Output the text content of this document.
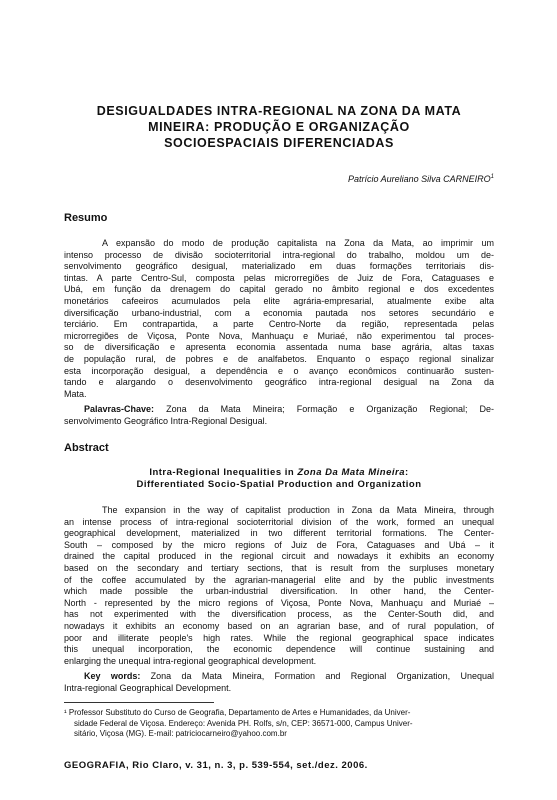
DESIGUALDADES INTRA-REGIONAL NA ZONA DA MATA
MINEIRA: PRODUÇÃO E ORGANIZAÇÃO
SOCIOESPACIAIS DIFERENCIADAS
Patrício Aureliano Silva CARNEIRO$^1$
Resumo
A expansão do modo de produção capitalista na Zona da Mata, ao imprimir um
intenso processo de divisão socioterritorial intra-regional do trabalho, moldou um de-
senvolvimento geográfico desigual, materializado em duas formações territoriais dis-
tintas. A parte Centro-Sul, composta pelas microrregiões de Juiz de Fora, Cataguases e
Ubá, em função da drenagem do capital gerado no âmbito regional e dos excedentes
monetários cafeeiros acumulados pela elite agrária-empresarial, atualmente exibe alta
diversificação urbano-industrial, com a economia pautada nos setores secundário e
terciário. Em contrapartida, a parte Centro-Norte da região, representada pelas
microrregiões de Viçosa, Ponte Nova, Manhuaçu e Muriaé, não experimentou tal proces-
so de diversificação e apresenta economia assentada numa base agrária, altas taxas
de população rural, de pobres e de analfabetos. Enquanto o espaço regional sinalizar
esta incorporação desigual, a dependência e o avanço econômicos continuarão susten-
tando e alargando o desenvolvimento geográfico intra-regional desigual na Zona da
Mata.
Palavras-Chave: Zona da Mata Mineira; Formação e Organização Regional; De-
senvolvimento Geográfico Intra-Regional Desigual.
Abstract
Intra-Regional Inequalities in Zona Da Mata Mineira:
Differentiated Socio-Spatial Production and Organization
The expansion in the way of capitalist production in Zona da Mata Mineira, through
an intense process of intra-regional socioterritorial division of the work, formed an unequal
geographical development, materialized in two different territorial formations. The Center-
South – composed by the micro regions of Juiz de Fora, Cataguases and Ubá – it
drained the capital produced in the regional circuit and nowadays it exhibits an economy
based on the secondary and tertiary sections, that is result from the surpluses monetary
of the coffee accumulated by the agrarian-managerial elite and by the public investments
which made possible the urban-industrial diversification. In other hand, the Center-
North - represented by the micro regions of Viçosa, Ponte Nova, Manhuaçu and Muriaé –
has not experimented with the diversification process, as the Center-South did, and
nowadays it exhibits an economy based on an agrarian base, and of rural population, of
poor and illiterate people's high rates. While the regional geographical space indicates
this unequal incorporation, the economic dependence will continue sustaining and
enlarging the unequal intra-regional geographical development.
Key words: Zona da Mata Mineira, Formation and Regional Organization, Unequal
Intra-regional Geographical Development.
¹ Professor Substituto do Curso de Geografia, Departamento de Artes e Humanidades, da Univer-
sidade Federal de Viçosa. Endereço: Avenida PH. Rolfs, s/n, CEP: 36571-000, Campus Univer-
sitário, Viçosa (MG). E-mail: patriciocarneiro@yahoo.com.br
GEOGRAFIA, Rio Claro, v. 31, n. 3, p. 539-554, set./dez. 2006.
